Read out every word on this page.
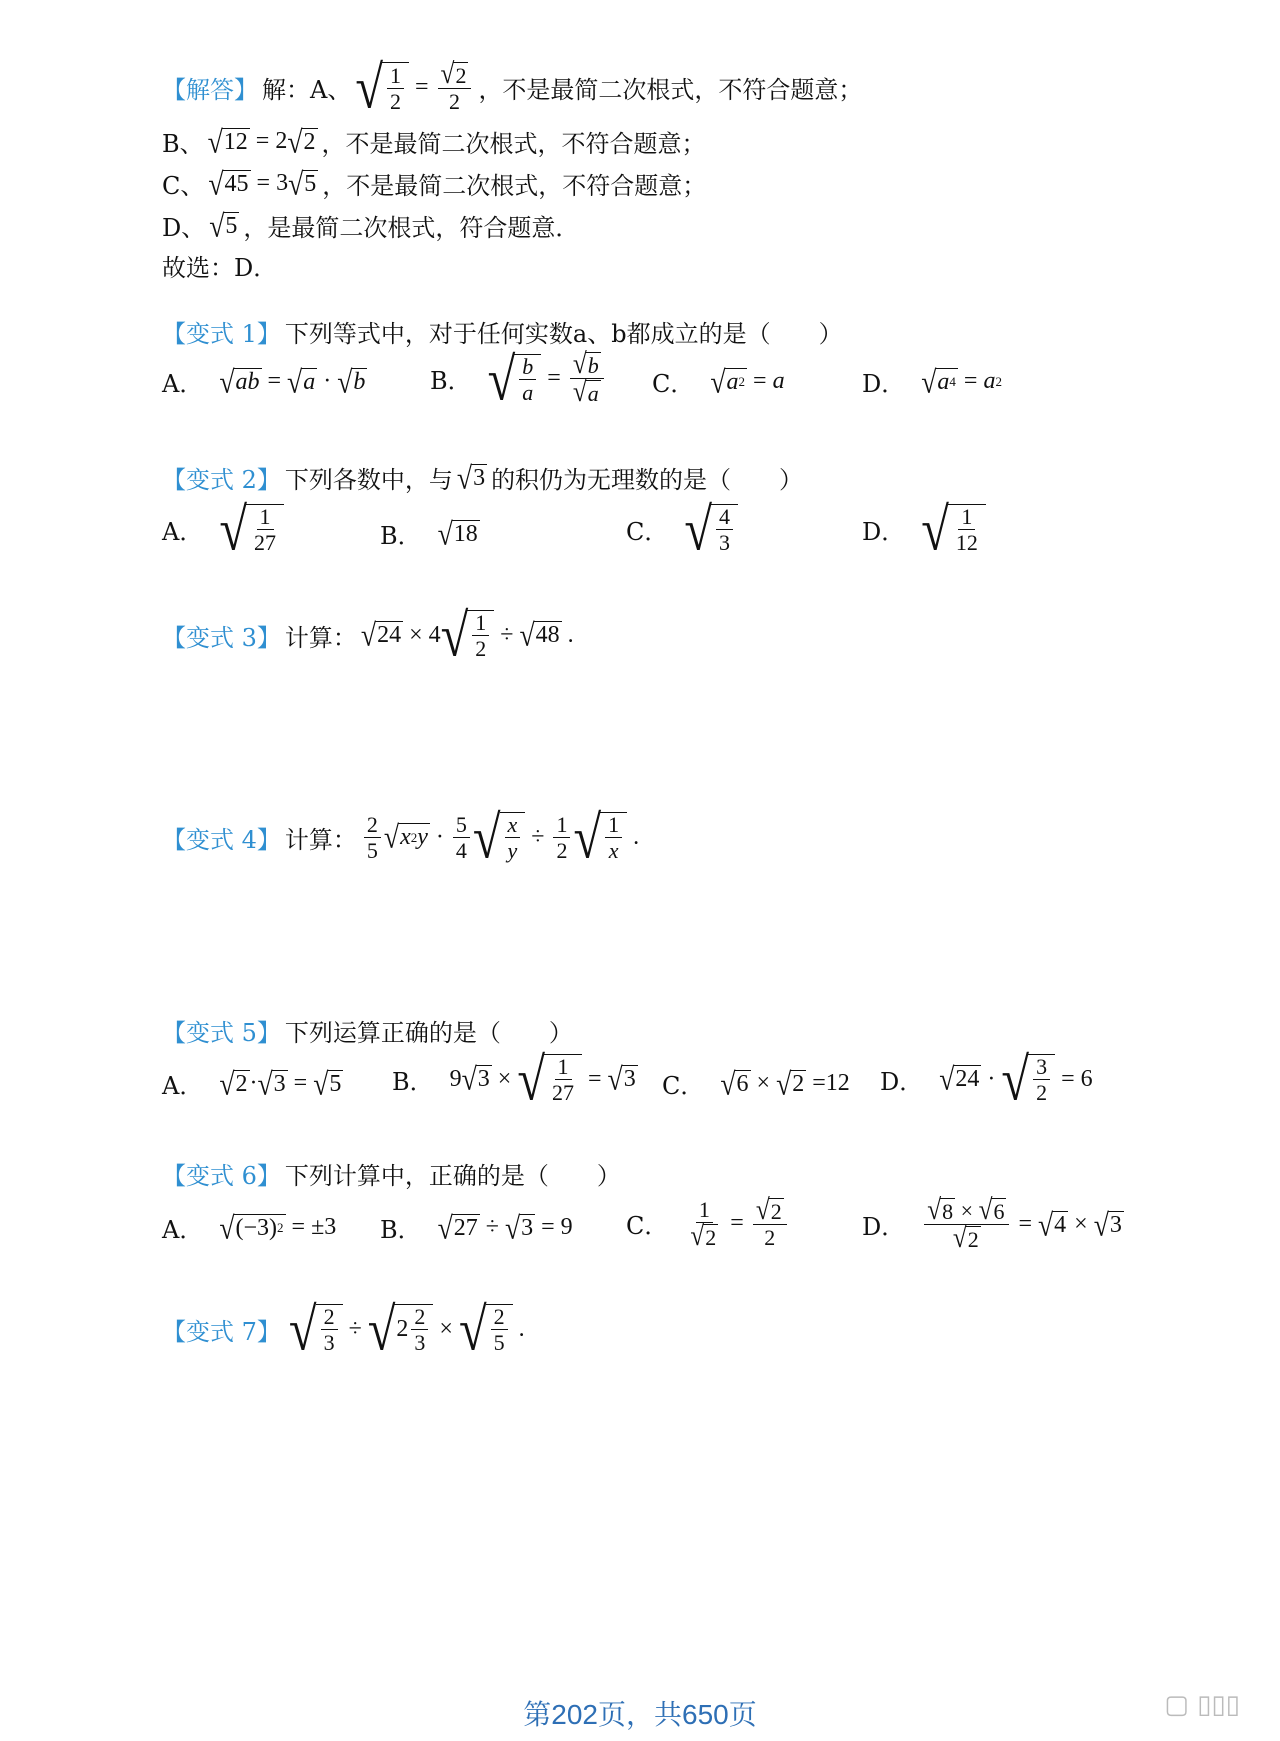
【解答】 解： A、 √ $\frac{1}{2} = \frac{√ 2}{2}$ ，不是最简二次根式，不符合题意；
B、 √ 12 = 2 √ 2 ，不是最简二次根式，不符合题意；
C、 √ 45 = 3 √ 5 ，不是最简二次根式，不符合题意；
D、 √ 5 ，是最简二次根式，符合题意．
故选：D．
【变式 1】 下列等式中，对于任何实数a、b都成立的是（　　）
A． √ ab = √ a · √ b	B． √ $\frac{b}{a} = \frac{√ b}{√ a}$ C． √ a 2 = a	D． √ a 4 = a 2
【变式 2】 下列各数中，与 √ 3 的积仍为无理数的是（　　）
A． √ $\frac{1}{27}$	B． √ 18	C． √ $\frac{4}{3}$	D． √ $\frac{1}{12}$
【变式 3】 计算： √ 24 × 4 √ $\frac{1}{2}$ ÷ √ 48 .
【变式 4】 计算： $\frac{2}{5}$ √ x 2 $y \cdot \frac{5}{4}$ √ $\frac{x}{y} \div \frac{1}{2}$ √ $\frac{1}{x}$ .
【变式 5】 下列运算正确的是（　　）
A． √ 2 · √ 3 = √ 5 B． 9 √ 3 × √ $\frac{1}{27}$ = √ 3 C． √ 6 × √ 2 =12 D． √ 24 · √ $\frac{3}{2} = 6$
【变式 6】 下列计算中，正确的是（　　）
A． √ (−3) 2 = ±3 B． √ 27 ÷ √ 3 = 9 C． $\frac{1}{√ 2} = \frac{√ 2}{2}$	D． $\frac{√ 8 \times √ 6}{√ 2}$ = √ 4 × √ 3
【变式 7】 √ $\frac{2}{3}$ ÷ √ $2 \frac{2}{3}$ × √ $\frac{2}{5}$ .
第202页，共650页	▢ ▯▯▯
